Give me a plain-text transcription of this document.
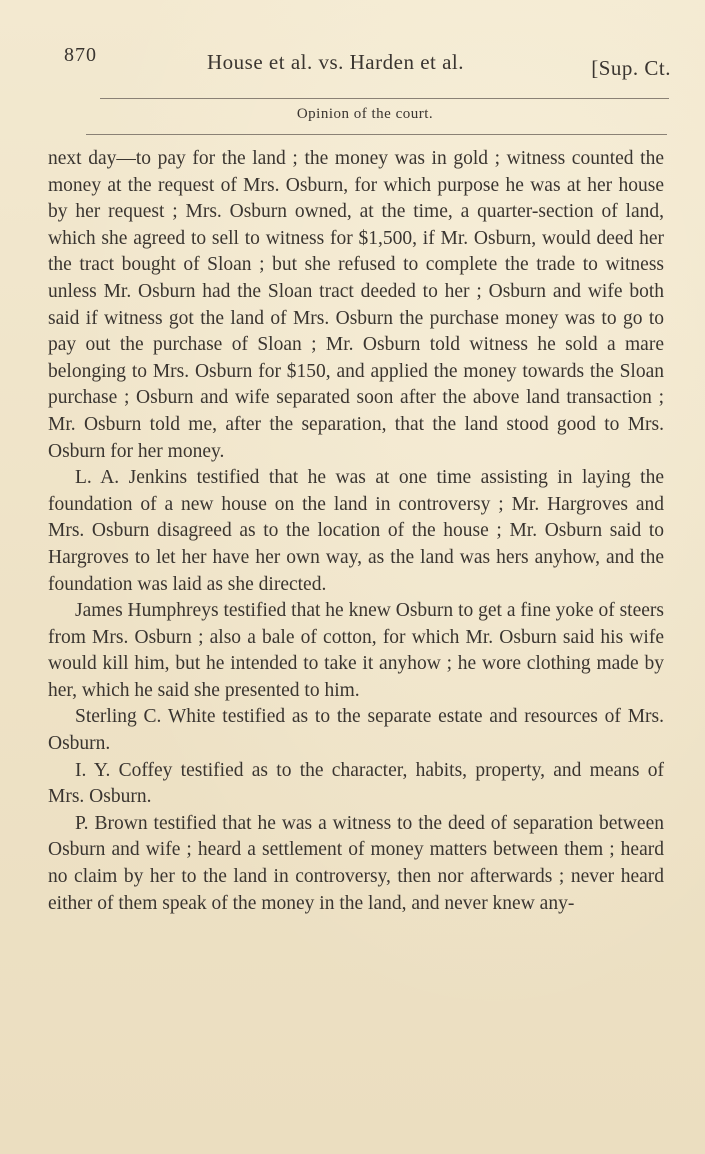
870	House et al. vs. Harden et al.	[Sup. Ct.
Opinion of the court.

next day—to pay for the land ; the money was in gold ; witness counted the money at the request of Mrs. Osburn, for which purpose he was at her house by her request ; Mrs. Osburn owned, at the time, a quarter-section of land, which she agreed to sell to witness for $1,500, if Mr. Osburn, would deed her the tract bought of Sloan ; but she refused to complete the trade to witness unless Mr. Osburn had the Sloan tract deeded to her ; Osburn and wife both said if witness got the land of Mrs. Osburn the purchase money was to go to pay out the purchase of Sloan ; Mr. Osburn told witness he sold a mare belonging to Mrs. Osburn for $150, and applied the money towards the Sloan purchase ; Osburn and wife separated soon after the above land transaction ; Mr. Osburn told me, after the separation, that the land stood good to Mrs. Osburn for her money.

L. A. Jenkins testified that he was at one time assisting in laying the foundation of a new house on the land in controversy ; Mr. Hargroves and Mrs. Osburn disagreed as to the location of the house ; Mr. Osburn said to Hargroves to let her have her own way, as the land was hers anyhow, and the foundation was laid as she directed.

James Humphreys testified that he knew Osburn to get a fine yoke of steers from Mrs. Osburn ; also a bale of cotton, for which Mr. Osburn said his wife would kill him, but he intended to take it anyhow ; he wore clothing made by her, which he said she presented to him.

Sterling C. White testified as to the separate estate and resources of Mrs. Osburn.

I. Y. Coffey testified as to the character, habits, property, and means of Mrs. Osburn.

P. Brown testified that he was a witness to the deed of separation between Osburn and wife ; heard a settlement of money matters between them ; heard no claim by her to the land in controversy, then nor afterwards ; never heard either of them speak of the money in the land, and never knew any-
